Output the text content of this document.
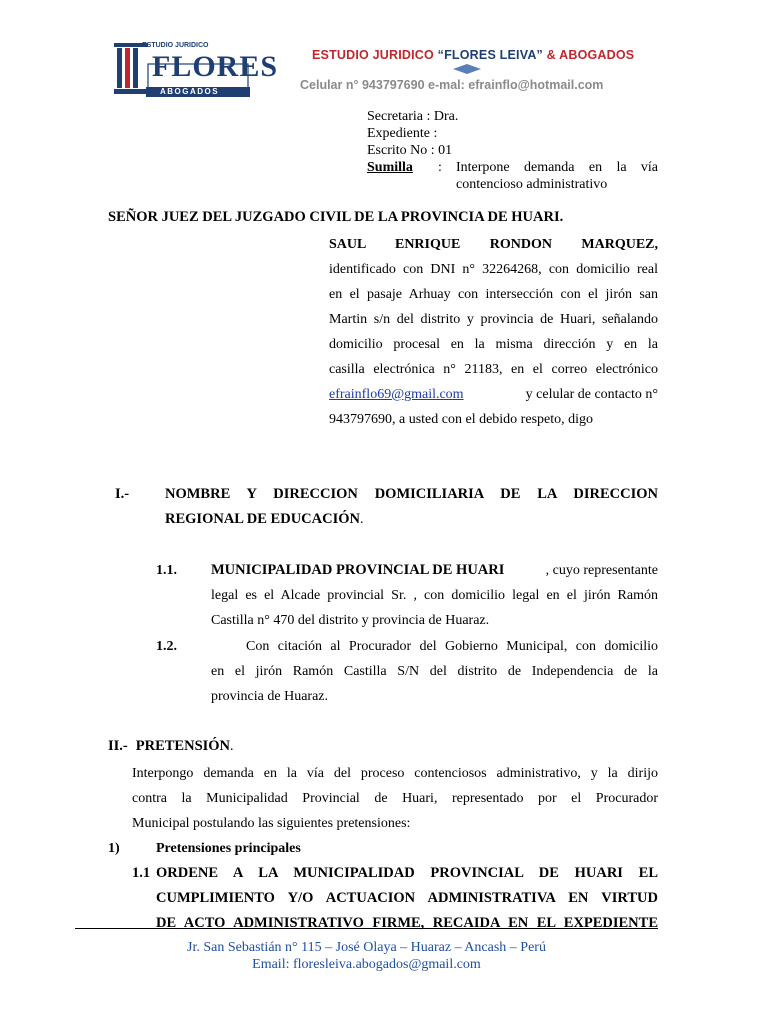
ESTUDIO JURIDICO
FLORES
ABOGADOS
ESTUDIO JURIDICO “FLORES LEIVA” & ABOGADOS
Celular n° 943797690 e-mal: efrainflo@hotmail.com
Secretaria : Dra.
Expediente :
Escrito No : 01
Sumilla : Interpone demanda en la vía
contencioso administrativo
SEÑOR JUEZ DEL JUZGADO CIVIL DE LA PROVINCIA DE HUARI.
SAUL ENRIQUE RONDON MARQUEZ,
identificado con DNI n° 32264268, con domicilio real
en el pasaje Arhuay con intersección con el jirón san
Martin s/n del distrito y provincia de Huari, señalando
domicilio procesal en la misma dirección y en la
casilla electrónica n° 21183, en el correo electrónico
efrainflo69@gmail.com	y celular de contacto n°
943797690, a usted con el debido respeto, digo
I.- NOMBRE Y DIRECCION DOMICILIARIA DE LA DIRECCION
REGIONAL DE EDUCACIÓN.
1.1. MUNICIPALIDAD PROVINCIAL DE HUARI	, cuyo representante
legal es el Alcade provincial Sr. , con domicilio legal en el jirón Ramón
Castilla n° 470 del distrito y provincia de Huaraz.
1.2.	Con citación al Procurador del Gobierno Municipal, con domicilio
en el jirón Ramón Castilla S/N del distrito de Independencia de la
provincia de Huaraz.
II.- PRETENSIÓN.
Interpongo demanda en la vía del proceso contenciosos administrativo, y la dirijo
contra la Municipalidad Provincial de Huari, representado por el Procurador
Municipal postulando las siguientes pretensiones:
1)	Pretensiones principales
1.1 ORDENE A LA MUNICIPALIDAD PROVINCIAL DE HUARI EL
CUMPLIMIENTO Y/O ACTUACION ADMINISTRATIVA EN VIRTUD
DE ACTO ADMINISTRATIVO FIRME, RECAIDA EN EL EXPEDIENTE
Jr. San Sebastián n° 115 – José Olaya – Huaraz – Ancash – Perú
Email: floresleiva.abogados@gmail.com
